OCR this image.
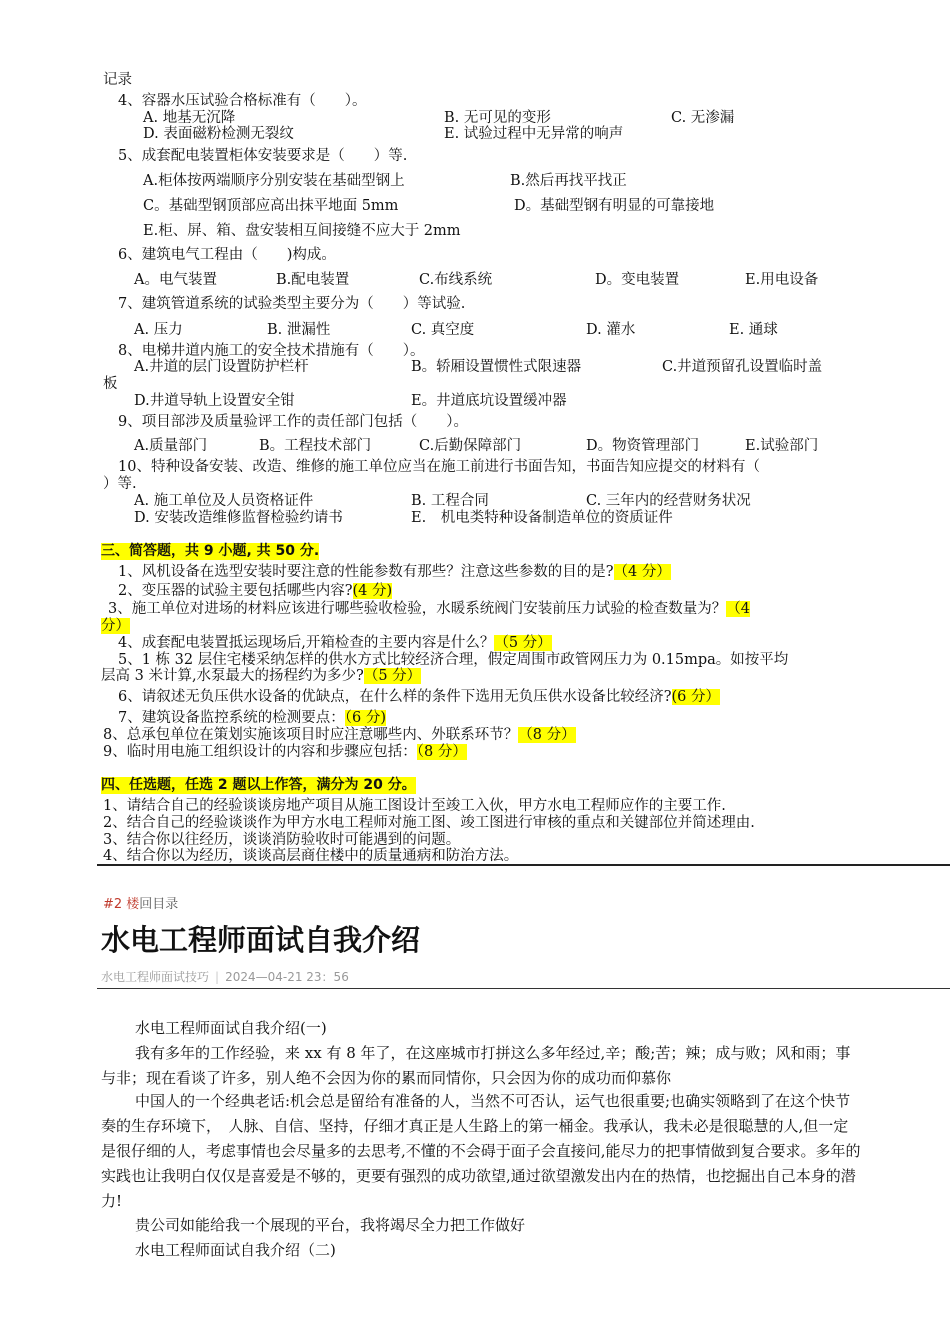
记录
4、容器水压试验合格标准有（　　）。
A. 地基无沉降	B. 无可见的变形	C. 无渗漏
D. 表面磁粉检测无裂纹	E. 试验过程中无异常的响声
5、成套配电装置柜体安装要求是（　　）等.
A.柜体按两端顺序分别安装在基础型钢上	B.然后再找平找正
C。基础型钢顶部应高出抹平地面 5mm	D。基础型钢有明显的可靠接地
E.柜、屏、箱、盘安装相互间接缝不应大于 2mm
6、建筑电气工程由（　　)构成。
A。电气装置	B.配电装置	C.布线系统	D。变电装置	E.用电设备
7、建筑管道系统的试验类型主要分为（　　）等试验.
A. 压力	B. 泄漏性	C. 真空度	D. 灌水	E. 通球
8、电梯井道内施工的安全技术措施有（　　）。
A.井道的层门设置防护栏杆	B。轿厢设置惯性式限速器	C.井道预留孔设置临时盖
板
D.井道导轨上设置安全钳	E。井道底坑设置缓冲器
9、项目部涉及质量验评工作的责任部门包括（　　）。
A.质量部门	B。工程技术部门	C.后勤保障部门	D。物资管理部门	E.试验部门
10、特种设备安装、改造、维修的施工单位应当在施工前进行书面告知，书面告知应提交的材料有（
）等.
A. 施工单位及人员资格证件	B. 工程合同	C. 三年内的经营财务状况
D. 安装改造维修监督检验约请书	E.　机电类特种设备制造单位的资质证件
三、简答题，共 9 小题, 共 50 分.
1、风机设备在选型安装时要注意的性能参数有那些？注意这些参数的目的是?（4 分）
2、变压器的试验主要包括哪些内容?(4 分)
3、施工单位对进场的材料应该进行哪些验收检验，水暖系统阀门安装前压力试验的检查数量为？（4
分）
4、成套配电装置抵运现场后,开箱检查的主要内容是什么？（5 分）
5、1 栋 32 层住宅楼采纳怎样的供水方式比较经济合理，假定周围市政管网压力为 0.15mpa。如按平均
层高 3 米计算,水泵最大的扬程约为多少?（5 分）
6、请叙述无负压供水设备的优缺点，在什么样的条件下选用无负压供水设备比较经济?(6 分）
7、建筑设备监控系统的检测要点：（6 分)
8、总承包单位在策划实施该项目时应注意哪些内、外联系环节？（8 分）
9、临时用电施工组织设计的内容和步骤应包括：（8 分）
四、任选题，任选 2 题以上作答，满分为 20 分。
1、请结合自己的经验谈谈房地产项目从施工图设计至竣工入伙，甲方水电工程师应作的主要工作.
2、结合自己的经验谈谈作为甲方水电工程师对施工图、竣工图进行审核的重点和关键部位并简述理由.
3、结合你以往经历，谈谈消防验收时可能遇到的问题。
4、结合你以为经历，谈谈高层商住楼中的质量通病和防治方法。
水电工程师面试自我介绍(一)
我有多年的工作经验，来 xx 有 8 年了，在这座城市打拼这么多年经过,辛；酸;苦；辣；成与败；风和雨；事与非；现在看谈了许多，别人绝不会因为你的累而同情你，只会因为你的成功而仰慕你
中国人的一个经典老话:机会总是留给有准备的人，当然不可否认，运气也很重要;也确实领略到了在这个快节奏的生存环境下，　人脉、自信、坚持，仔细才真正是人生路上的第一桶金。我承认，我未必是很聪慧的人,但一定是很仔细的人，考虑事情也会尽量多的去思考,不懂的不会碍于面子会直接问,能尽力的把事情做到复合要求。多年的实践也让我明白仅仅是喜爱是不够的，更要有强烈的成功欲望,通过欲望激发出内在的热情，也挖掘出自己本身的潜力!
贵公司如能给我一个展现的平台，我将竭尽全力把工作做好
水电工程师面试自我介绍（二)
#2 楼回目录
水电工程师面试自我介绍
水电工程师面试技巧 | 2024—04-21 23：56
